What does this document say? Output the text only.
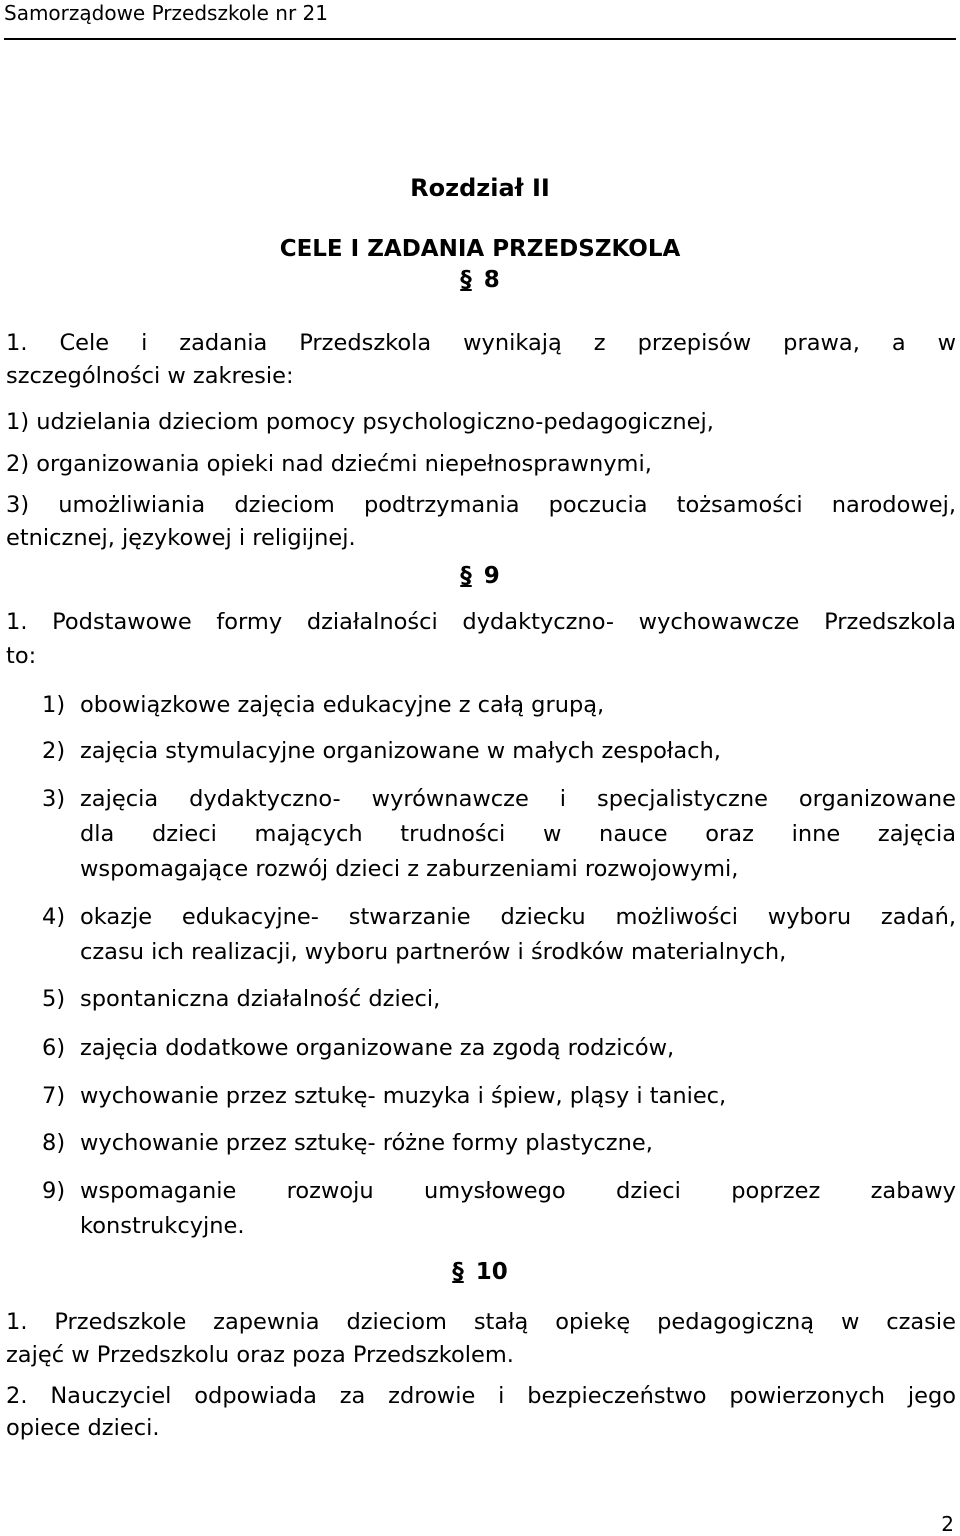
Samorządowe Przedszkole nr 21
Rozdział II
CELE I ZADANIA PRZEDSZKOLA
§ 8
1. Cele i zadania Przedszkola wynikają z przepisów prawa, a w
szczególności w zakresie:
1) udzielania dzieciom pomocy psychologiczno-pedagogicznej,
2) organizowania opieki nad dziećmi niepełnosprawnymi,
3) umożliwiania dzieciom podtrzymania poczucia tożsamości narodowej,
etnicznej, językowej i religijnej.
§ 9
1. Podstawowe formy działalności dydaktyczno- wychowawcze Przedszkola
to:
1) obowiązkowe zajęcia edukacyjne z całą grupą,
2) zajęcia stymulacyjne organizowane w małych zespołach,
3) zajęcia dydaktyczno- wyrównawcze i specjalistyczne organizowane
dla dzieci mających trudności w nauce oraz inne zajęcia
wspomagające rozwój dzieci z zaburzeniami rozwojowymi,
4) okazje edukacyjne- stwarzanie dziecku możliwości wyboru zadań,
czasu ich realizacji, wyboru partnerów i środków materialnych,
5) spontaniczna działalność dzieci,
6) zajęcia dodatkowe organizowane za zgodą rodziców,
7) wychowanie przez sztukę- muzyka i śpiew, pląsy i taniec,
8) wychowanie przez sztukę- różne formy plastyczne,
9) wspomaganie rozwoju umysłowego dzieci poprzez zabawy
konstrukcyjne.
§ 10
1. Przedszkole zapewnia dzieciom stałą opiekę pedagogiczną w czasie
zajęć w Przedszkolu oraz poza Przedszkolem.
2. Nauczyciel odpowiada za zdrowie i bezpieczeństwo powierzonych jego
opiece dzieci.
2
